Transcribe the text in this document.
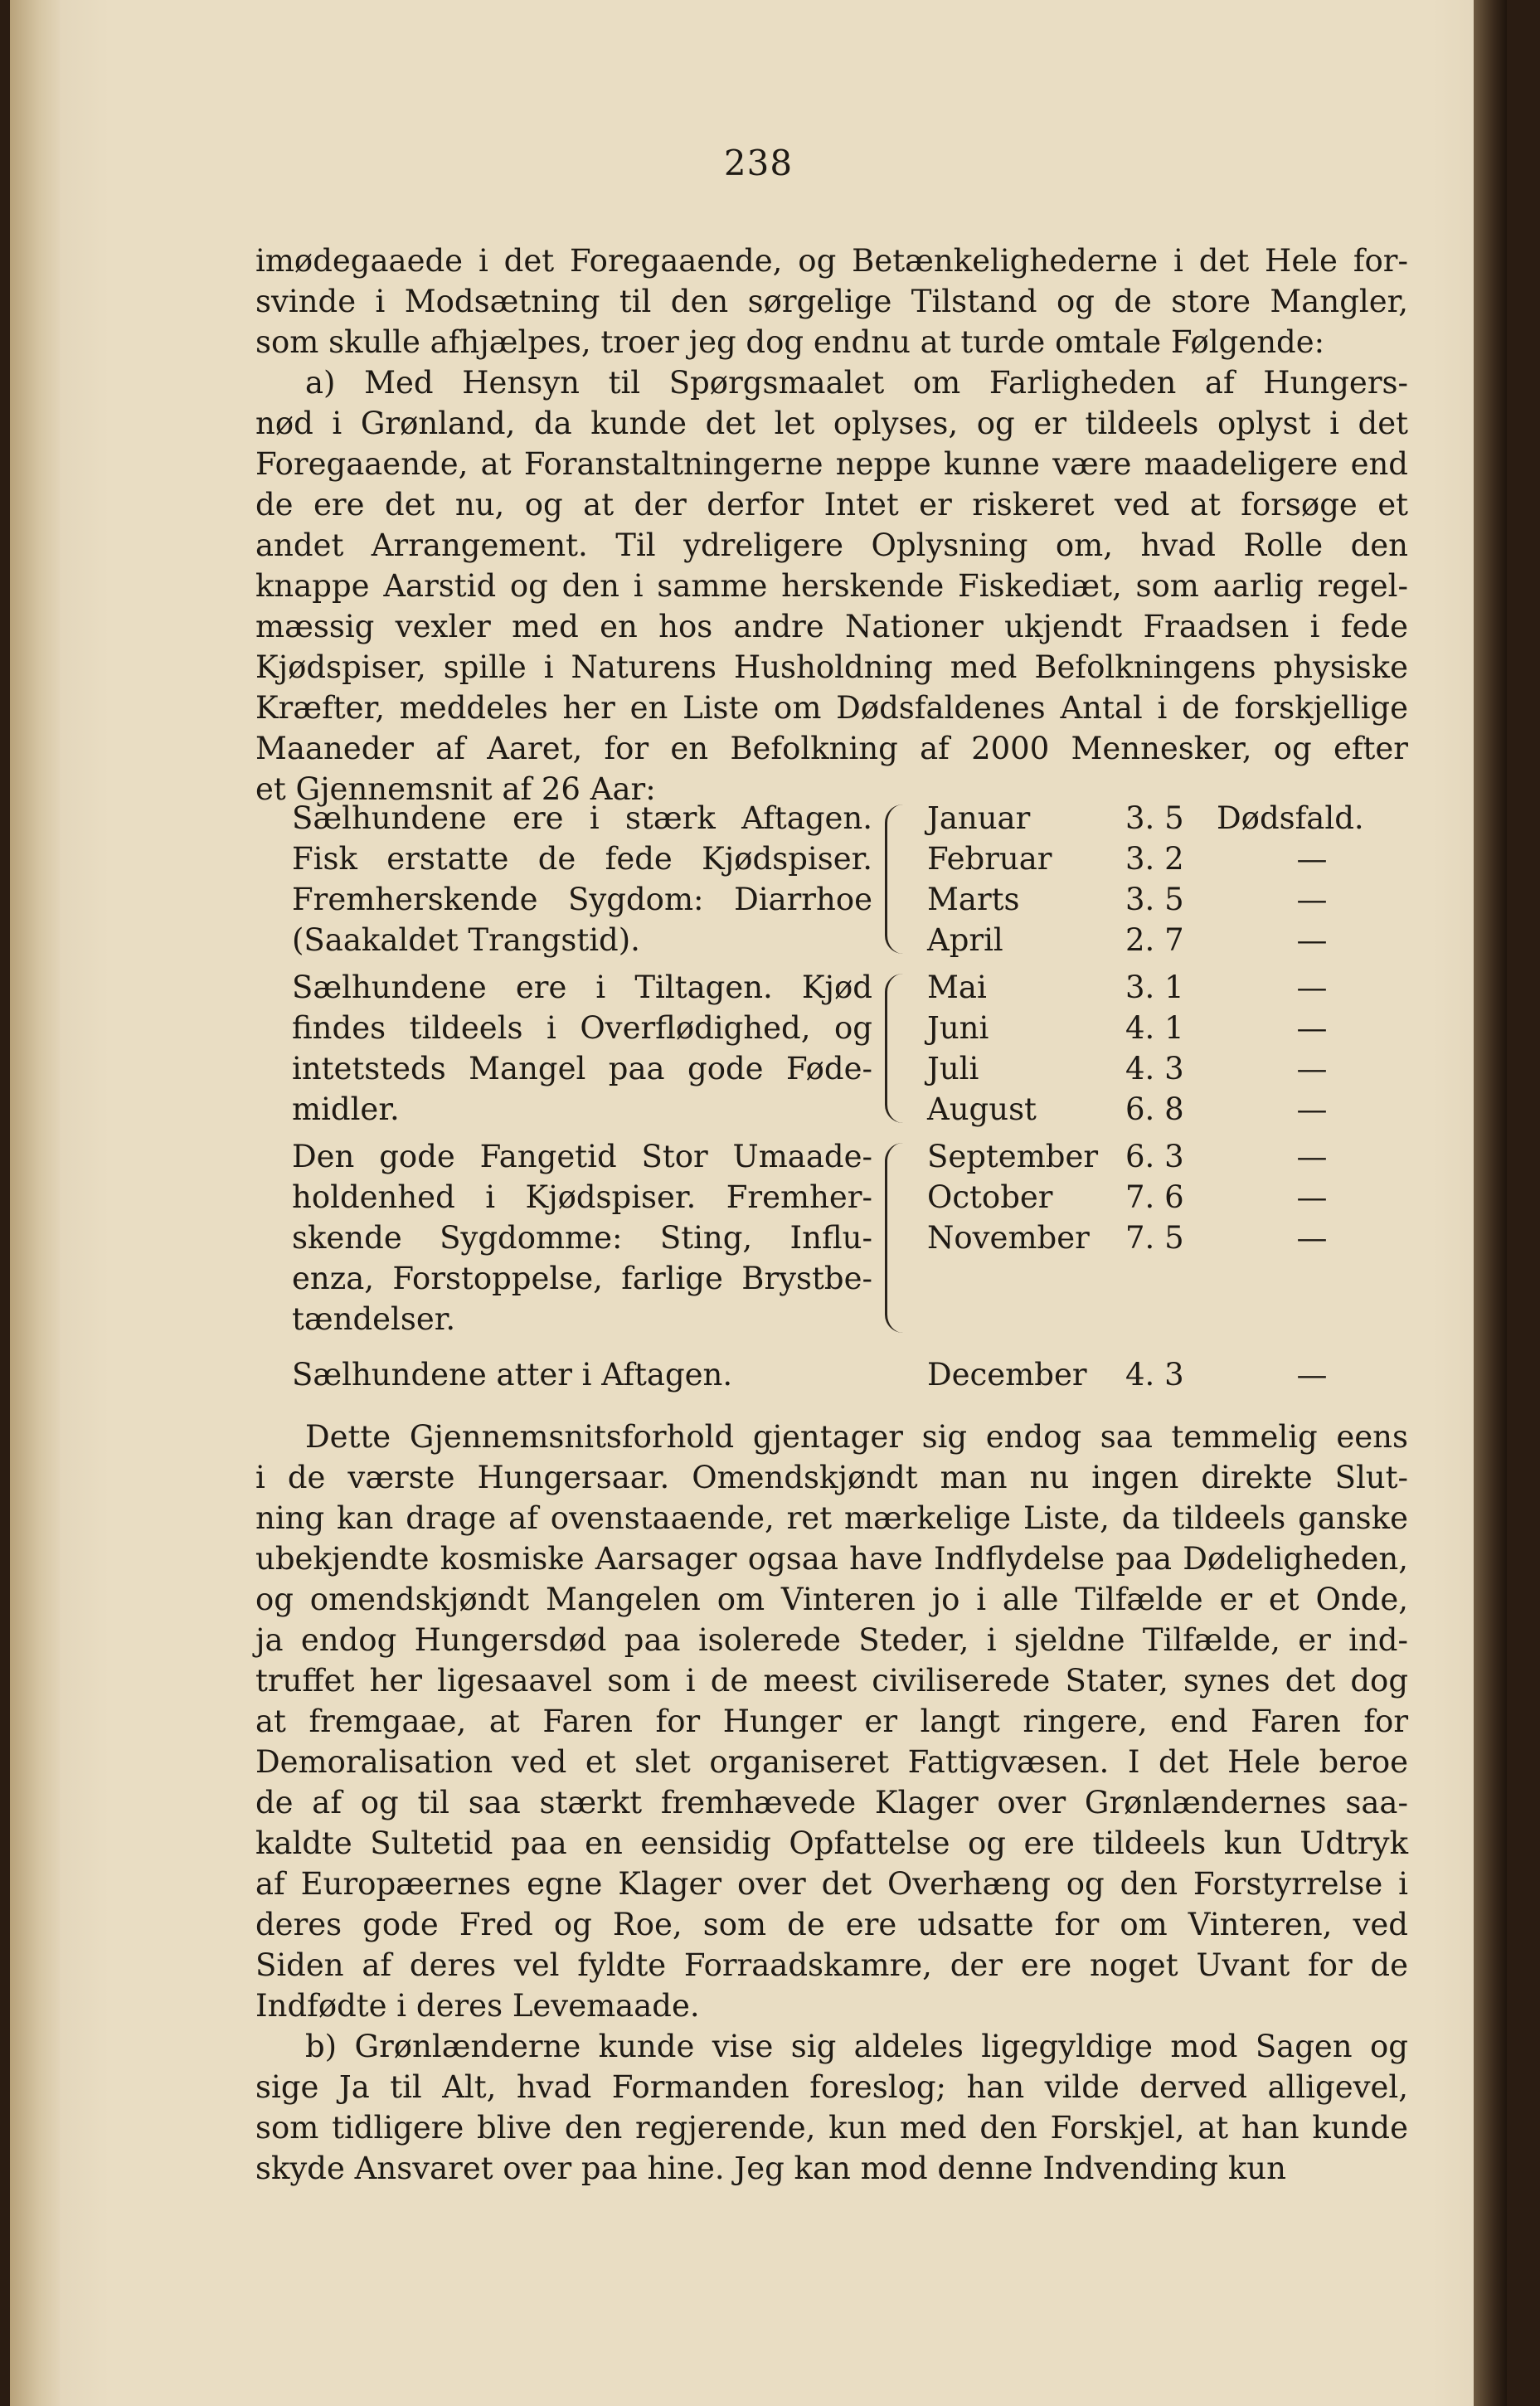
238
imødegaaede i det Foregaaende, og Betænkelighederne i det Hele for-
svinde i Modsætning til den sørgelige Tilstand og de store Mangler,
som skulle afhjælpes, troer jeg dog endnu at turde omtale Følgende:
a) Med Hensyn til Spørgsmaalet om Farligheden af Hungers-
nød i Grønland, da kunde det let oplyses, og er tildeels oplyst i det
Foregaaende, at Foranstaltningerne neppe kunne være maadeligere end
de ere det nu, og at der derfor Intet er riskeret ved at forsøge et
andet Arrangement. Til ydreligere Oplysning om, hvad Rolle den
knappe Aarstid og den i samme herskende Fiskediæt, som aarlig regel-
mæssig vexler med en hos andre Nationer ukjendt Fraadsen i fede
Kjødspiser, spille i Naturens Husholdning med Befolkningens physiske
Kræfter, meddeles her en Liste om Dødsfaldenes Antal i de forskjellige
Maaneder af Aaret, for en Befolkning af 2000 Mennesker, og efter
et Gjennemsnit af 26 Aar:
Sælhundene ere i stærk Aftagen.
Fisk erstatte de fede Kjødspiser.
Fremherskende Sygdom: Diarrhoe
(Saakaldet Trangstid).
Januar	3. 5	Dødsfald.
Februar	3. 2	—
Marts	3. 5	—
April	2. 7	—
Sælhundene ere i Tiltagen. Kjød
findes tildeels i Overflødighed, og
intetsteds Mangel paa gode Føde-
midler.
Mai	3. 1	—
Juni	4. 1	—
Juli	4. 3	—
August	6. 8	—
Den gode Fangetid Stor Umaade-
holdenhed i Kjødspiser. Fremher-
skende Sygdomme: Sting, Influ-
enza, Forstoppelse, farlige Brystbe-
tændelser.
September 6. 3	—
October	7. 6	—
November	7. 5	—
Sælhundene atter i Aftagen.	December	4. 3	—
Dette Gjennemsnitsforhold gjentager sig endog saa temmelig eens
i de værste Hungersaar. Omendskjøndt man nu ingen direkte Slut-
ning kan drage af ovenstaaende, ret mærkelige Liste, da tildeels ganske
ubekjendte kosmiske Aarsager ogsaa have Indflydelse paa Dødeligheden,
og omendskjøndt Mangelen om Vinteren jo i alle Tilfælde er et Onde,
ja endog Hungersdød paa isolerede Steder, i sjeldne Tilfælde, er ind-
truffet her ligesaavel som i de meest civiliserede Stater, synes det dog
at fremgaae, at Faren for Hunger er langt ringere, end Faren for
Demoralisation ved et slet organiseret Fattigvæsen. I det Hele beroe
de af og til saa stærkt fremhævede Klager over Grønlændernes saa-
kaldte Sultetid paa en eensidig Opfattelse og ere tildeels kun Udtryk
af Europæernes egne Klager over det Overhæng og den Forstyrrelse i
deres gode Fred og Roe, som de ere udsatte for om Vinteren, ved
Siden af deres vel fyldte Forraadskamre, der ere noget Uvant for de
Indfødte i deres Levemaade.
b) Grønlænderne kunde vise sig aldeles ligegyldige mod Sagen og
sige Ja til Alt, hvad Formanden foreslog; han vilde derved alligevel,
som tidligere blive den regjerende, kun med den Forskjel, at han kunde
skyde Ansvaret over paa hine. Jeg kan mod denne Indvending kun
